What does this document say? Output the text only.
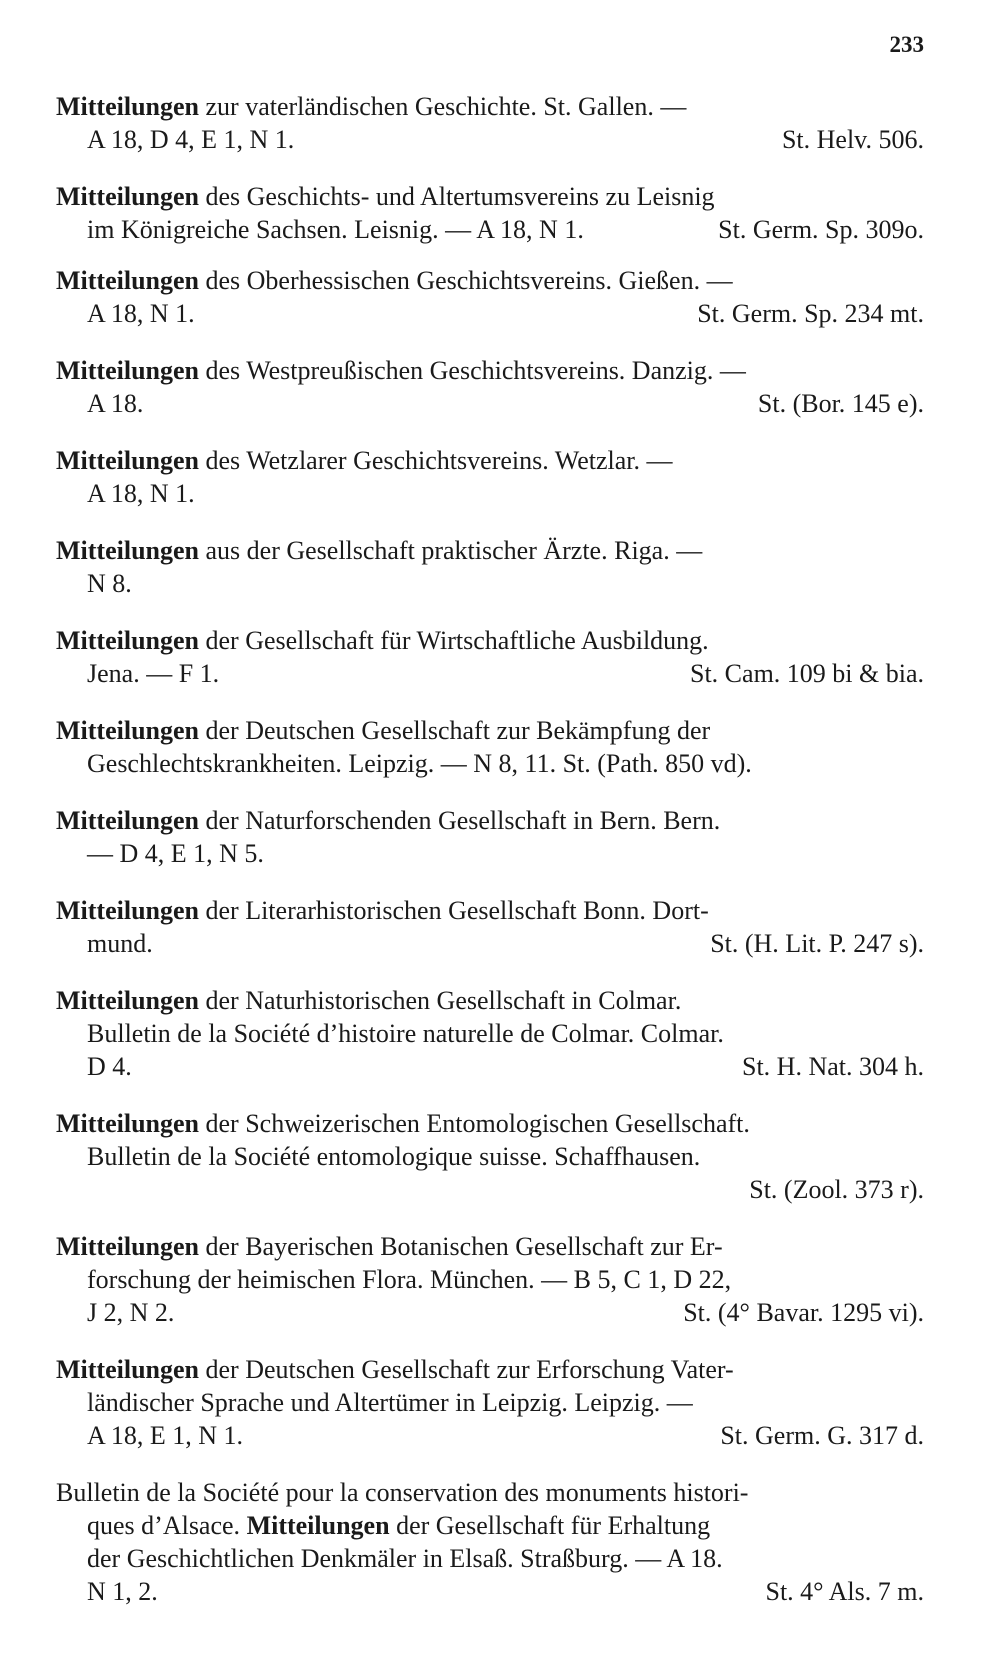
233
Mitteilungen zur vaterländischen Geschichte. St. Gallen. —
A 18, D 4, E 1, N 1.	St. Helv. 506.
Mitteilungen des Geschichts- und Altertumsvereins zu Leisnig
im Königreiche Sachsen. Leisnig. — A 18, N 1.	St. Germ. Sp. 309o.
Mitteilungen des Oberhessischen Geschichtsvereins. Gießen. —
A 18, N 1.	St. Germ. Sp. 234 mt.
Mitteilungen des Westpreußischen Geschichtsvereins. Danzig. —
A 18.	St. (Bor. 145 e).
Mitteilungen des Wetzlarer Geschichtsvereins. Wetzlar. —
A 18, N 1.
Mitteilungen aus der Gesellschaft praktischer Ärzte. Riga. —
N 8.
Mitteilungen der Gesellschaft für Wirtschaftliche Ausbildung.
Jena. — F 1.	St. Cam. 109 bi & bia.
Mitteilungen der Deutschen Gesellschaft zur Bekämpfung der
Geschlechtskrankheiten. Leipzig. — N 8, 11. St. (Path. 850 vd).
Mitteilungen der Naturforschenden Gesellschaft in Bern. Bern.
— D 4, E 1, N 5.
Mitteilungen der Literarhistorischen Gesellschaft Bonn. Dort-
mund.	St. (H. Lit. P. 247 s).
Mitteilungen der Naturhistorischen Gesellschaft in Colmar.
Bulletin de la Société d’histoire naturelle de Colmar. Colmar.
D 4.	St. H. Nat. 304 h.
Mitteilungen der Schweizerischen Entomologischen Gesellschaft.
Bulletin de la Société entomologique suisse. Schaffhausen.
St. (Zool. 373 r).
Mitteilungen der Bayerischen Botanischen Gesellschaft zur Er-
forschung der heimischen Flora. München. — B 5, C 1, D 22,
J 2, N 2.	St. (4° Bavar. 1295 vi).
Mitteilungen der Deutschen Gesellschaft zur Erforschung Vater-
ländischer Sprache und Altertümer in Leipzig. Leipzig. —
A 18, E 1, N 1.	St. Germ. G. 317 d.
Bulletin de la Société pour la conservation des monuments histori-
ques d’Alsace. Mitteilungen der Gesellschaft für Erhaltung
der Geschichtlichen Denkmäler in Elsaß. Straßburg. — A 18.
N 1, 2.	St. 4° Als. 7 m.
